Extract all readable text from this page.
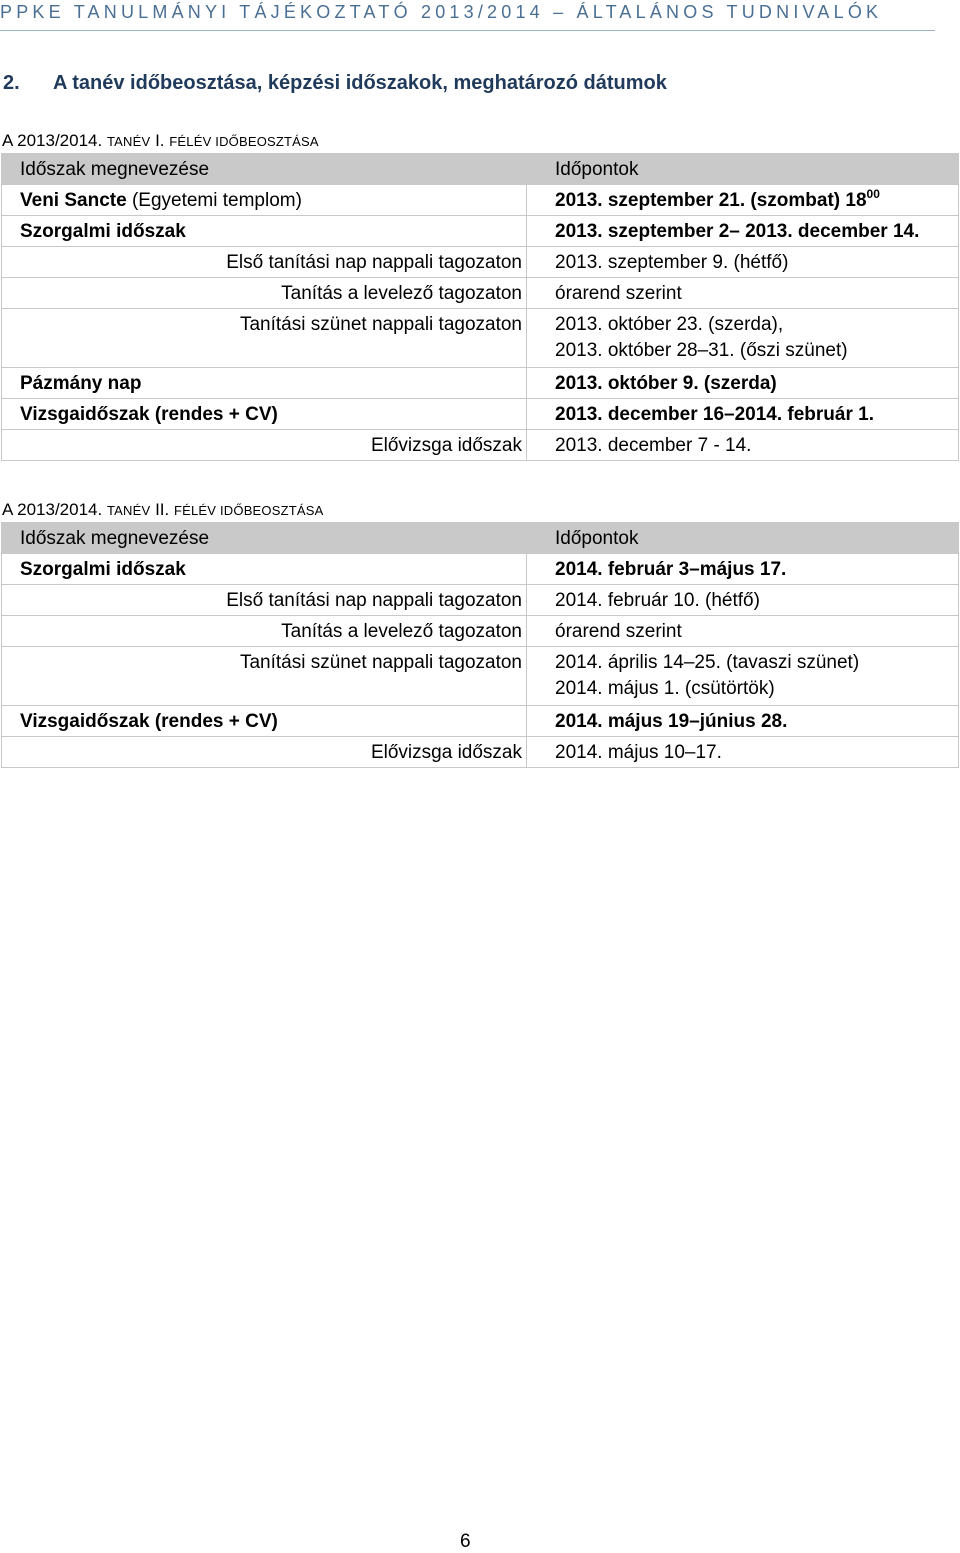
PPKE TANULMÁNYI TÁJÉKOZTATÓ 2013/2014 – ÁLTALÁNOS TUDNIVALÓK
2. A tanév időbeosztása, képzési időszakok, meghatározó dátumok
A 2013/2014. TANÉV I. FÉLÉV IDŐBEOSZTÁSA
Időszak megnevezése	Időpontok

Veni Sancte (Egyetemi templom)	2013. szeptember 21. (szombat) $18^{00}$

Szorgalmi időszak	2013. szeptember 2– 2013. december 14.

Első tanítási nap nappali tagozaton	2013. szeptember 9. (hétfő)

Tanítás a levelező tagozaton	órarend szerint

Tanítási szünet nappali tagozaton	2013. október 23. (szerda),
2013. október 28–31. (őszi szünet)

Pázmány nap	2013. október 9. (szerda)

Vizsgaidőszak (rendes + CV)	2013. december 16–2014. február 1.

Elővizsga időszak	2013. december 7 - 14.
A 2013/2014. TANÉV II. FÉLÉV IDŐBEOSZTÁSA
Időszak megnevezése	Időpontok

Szorgalmi időszak	2014. február 3–május 17.

Első tanítási nap nappali tagozaton	2014. február 10. (hétfő)

Tanítás a levelező tagozaton	órarend szerint

Tanítási szünet nappali tagozaton	2014. április 14–25. (tavaszi szünet)
2014. május 1. (csütörtök)

Vizsgaidőszak (rendes + CV)	2014. május 19–június 28.

Elővizsga időszak	2014. május 10–17.
6
